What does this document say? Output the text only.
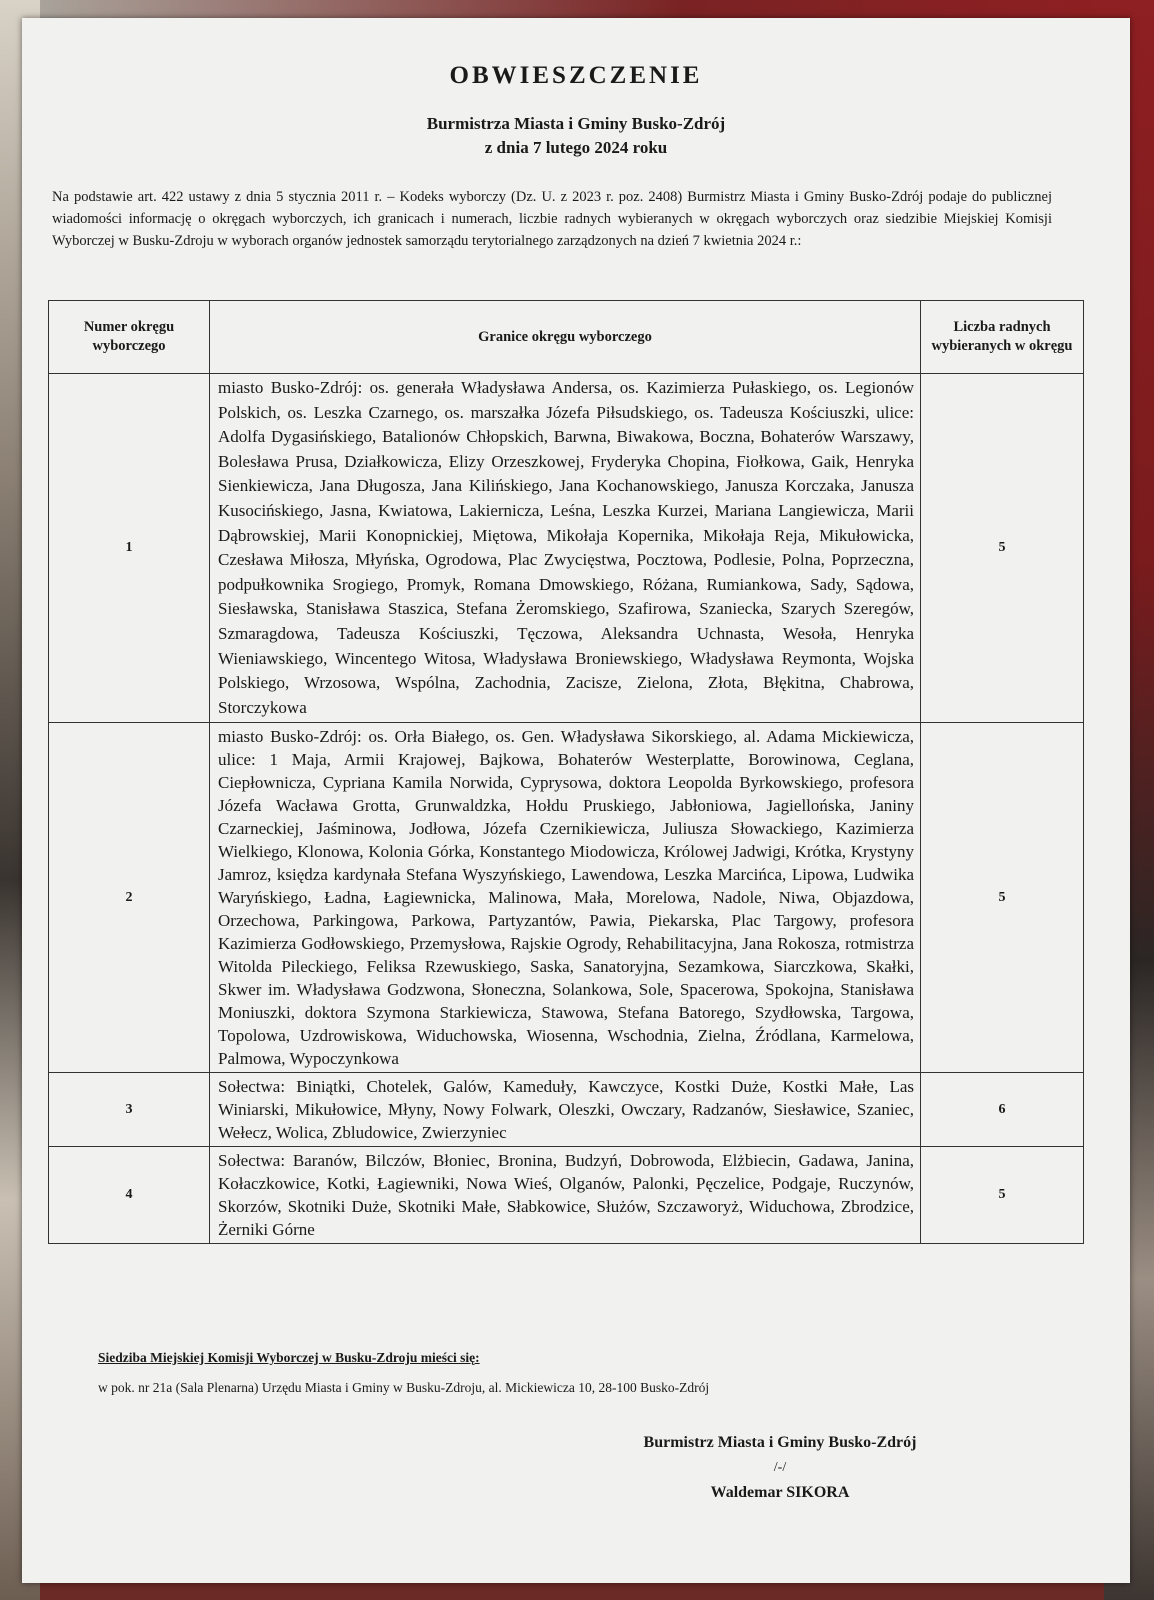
OBWIESZCZENIE
Burmistrza Miasta i Gminy Busko-Zdrój
z dnia 7 lutego 2024 roku
Na podstawie art. 422 ustawy z dnia 5 stycznia 2011 r. – Kodeks wyborczy (Dz. U. z 2023 r. poz. 2408) Burmistrz Miasta i Gminy Busko-Zdrój podaje do publicznej wiadomości informację o okręgach wyborczych, ich granicach i numerach, liczbie radnych wybieranych w okręgach wyborczych oraz siedzibie Miejskiej Komisji Wyborczej w Busku-Zdroju w wyborach organów jednostek samorządu terytorialnego zarządzonych na dzień 7 kwietnia 2024 r.:
Numer okręgu wyborczego	Granice okręgu wyborczego	Liczba radnych wybieranych w okręgu
1	miasto Busko-Zdrój: os. generała Władysława Andersa, os. Kazimierza Pułaskiego, os. Legionów Polskich, os. Leszka Czarnego, os. marszałka Józefa Piłsudskiego, os. Tadeusza Kościuszki, ulice: Adolfa Dygasińskiego, Batalionów Chłopskich, Barwna, Biwakowa, Boczna, Bohaterów Warszawy, Bolesława Prusa, Działkowicza, Elizy Orzeszkowej, Fryderyka Chopina, Fiołkowa, Gaik, Henryka Sienkiewicza, Jana Długosza, Jana Kilińskiego, Jana Kochanowskiego, Janusza Korczaka, Janusza Kusocińskiego, Jasna, Kwiatowa, Lakiernicza, Leśna, Leszka Kurzei, Mariana Langiewicza, Marii Dąbrowskiej, Marii Konopnickiej, Miętowa, Mikołaja Kopernika, Mikołaja Reja, Mikułowicka, Czesława Miłosza, Młyńska, Ogrodowa, Plac Zwycięstwa, Pocztowa, Podlesie, Polna, Poprzeczna, podpułkownika Srogiego, Promyk, Romana Dmowskiego, Różana, Rumiankowa, Sady, Sądowa, Siesławska, Stanisława Staszica, Stefana Żeromskiego, Szafirowa, Szaniecka, Szarych Szeregów, Szmaragdowa, Tadeusza Kościuszki, Tęczowa, Aleksandra Uchnasta, Wesoła, Henryka Wieniawskiego, Wincentego Witosa, Władysława Broniewskiego, Władysława Reymonta, Wojska Polskiego, Wrzosowa, Wspólna, Zachodnia, Zacisze, Zielona, Złota, Błękitna, Chabrowa, Storczykowa	5
2	miasto Busko-Zdrój: os. Orła Białego, os. Gen. Władysława Sikorskiego, al. Adama Mickiewicza, ulice: 1 Maja, Armii Krajowej, Bajkowa, Bohaterów Westerplatte, Borowinowa, Ceglana, Ciepłownicza, Cypriana Kamila Norwida, Cyprysowa, doktora Leopolda Byrkowskiego, profesora Józefa Wacława Grotta, Grunwaldzka, Hołdu Pruskiego, Jabłoniowa, Jagiellońska, Janiny Czarneckiej, Jaśminowa, Jodłowa, Józefa Czernikiewicza, Juliusza Słowackiego, Kazimierza Wielkiego, Klonowa, Kolonia Górka, Konstantego Miodowicza, Królowej Jadwigi, Krótka, Krystyny Jamroz, księdza kardynała Stefana Wyszyńskiego, Lawendowa, Leszka Marcińca, Lipowa, Ludwika Waryńskiego, Ładna, Łagiewnicka, Malinowa, Mała, Morelowa, Nadole, Niwa, Objazdowa, Orzechowa, Parkingowa, Parkowa, Partyzantów, Pawia, Piekarska, Plac Targowy, profesora Kazimierza Godłowskiego, Przemysłowa, Rajskie Ogrody, Rehabilitacyjna, Jana Rokosza, rotmistrza Witolda Pileckiego, Feliksa Rzewuskiego, Saska, Sanatoryjna, Sezamkowa, Siarczkowa, Skałki, Skwer im. Władysława Godzwona, Słoneczna, Solankowa, Sole, Spacerowa, Spokojna, Stanisława Moniuszki, doktora Szymona Starkiewicza, Stawowa, Stefana Batorego, Szydłowska, Targowa, Topolowa, Uzdrowiskowa, Widuchowska, Wiosenna, Wschodnia, Zielna, Źródlana, Karmelowa, Palmowa, Wypoczynkowa	5
3	Sołectwa: Biniątki, Chotelek, Galów, Kameduły, Kawczyce, Kostki Duże, Kostki Małe, Las Winiarski, Mikułowice, Młyny, Nowy Folwark, Oleszki, Owczary, Radzanów, Siesławice, Szaniec, Wełecz, Wolica, Zbludowice, Zwierzyniec	6
4	Sołectwa: Baranów, Bilczów, Błoniec, Bronina, Budzyń, Dobrowoda, Elżbiecin, Gadawa, Janina, Kołaczkowice, Kotki, Łagiewniki, Nowa Wieś, Olganów, Palonki, Pęczelice, Podgaje, Ruczynów, Skorzów, Skotniki Duże, Skotniki Małe, Słabkowice, Służów, Szczaworyż, Widuchowa, Zbrodzice, Żerniki Górne	5
Siedziba Miejskiej Komisji Wyborczej w Busku-Zdroju mieści się:
w pok. nr 21a (Sala Plenarna) Urzędu Miasta i Gminy w Busku-Zdroju, al. Mickiewicza 10, 28-100 Busko-Zdrój
Burmistrz Miasta i Gminy Busko-Zdrój
/-/
Waldemar SIKORA
